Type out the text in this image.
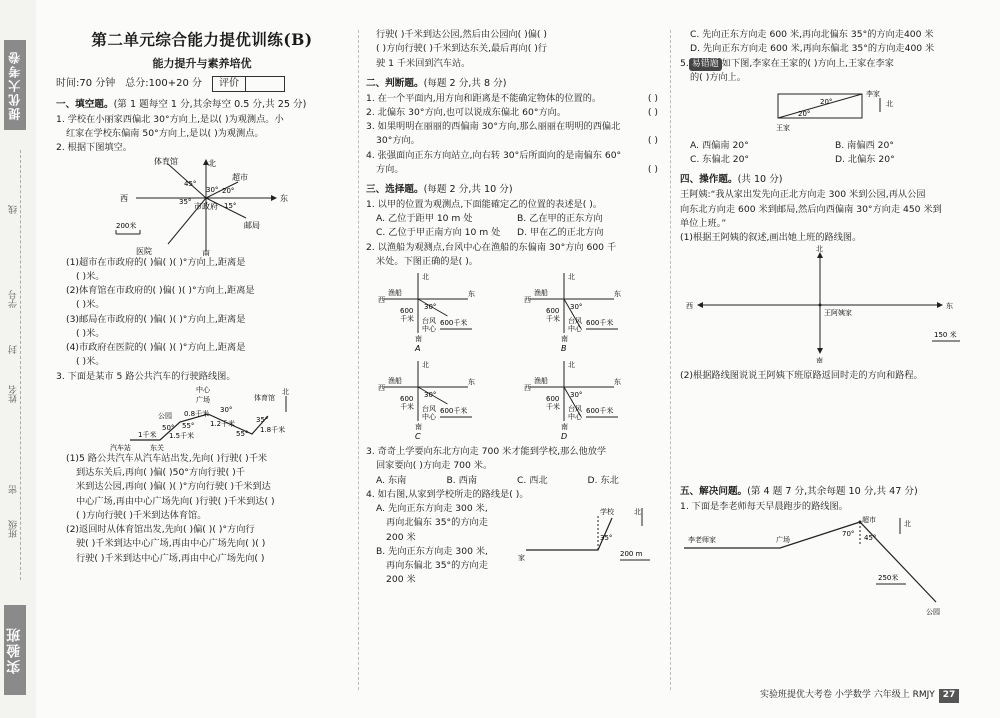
提优大考卷
学号
线
封
姓名
密
班级
实验班
第二单元综合能力提优训练(B)
能力提升与素养培优
时间:70 分钟 总分:100+20 分	评价
一、填空题。(第 1 题每空 1 分,其余每空 0.5 分,共 25 分)

1. 学校在小丽家西偏北 30°方向上,是以( )为观测点。小

红家在学校东偏南 50°方向上,是以( )为观测点。

2. 根据下图填空。

西	东
北
南
体育馆
超市
市政府
邮局
医院
45°
20°
35°
30°
15°
200米

(1)超市在市政府的( )偏( )( )°方向上,距离是

( )米。

(2)体育馆在市政府的( )偏( )( )°方向上,距离是

( )米。

(3)邮局在市政府的( )偏( )( )°方向上,距离是

( )米。

(4)市政府在医院的( )偏( )( )°方向上,距离是

( )米。

3. 下面是某市 5 路公共汽车的行驶路线图。

北
中心
广场	体育馆
公园
汽车站	东关
1千米 1.5千米
0.8千米
1.2千米
1.8千米
50°
30°
55°
55°
35°

(1)5 路公共汽车从汽车站出发,先向( )行驶( )千米

到达东关后,再向( )偏( )50°方向行驶( )千

米到达公园,再向( )偏( )( )°方向行驶( )千米到达

中心广场,再由中心广场先向( )行驶( )千米到达( )

( )方向行驶( )千米到达体育馆。

(2)返回时从体育馆出发,先向( )偏( )( )°方向行

驶( )千米到达中心广场,再由中心广场先向( )( )

行驶( )千米到达中心广场,再由中心广场先向( )

行驶( )千米到达公园,然后由公园向( )偏( )

( )方向行驶( )千米到达东关,最后再向( )行

驶 1 千米回到汽车站。

二、判断题。(每题 2 分,共 8 分)

1. 在一个平面内,用方向和距离是不能确定物体的位置的。	( )

2. 北偏东 30°方向,也可以说成东偏北 60°方向。	( )

3. 如果明明在丽丽的西偏南 30°方向,那么丽丽在明明的西偏北

30°方向。	( )

4. 张强面向正东方向站立,向右转 30°后所面向的是南偏东 60°

方向。	( )
三、选择题。(每题 2 分,共 10 分)

1. 以甲的位置为观测点,下面能確定乙的位置的表述是( )。

A. 乙位于距甲 10 m 处	B. 乙在甲的正东方向
C. 乙位于甲正南方向 10 m 处	D. 甲在乙的正北方向

2. 以渔船为观测点,台风中心在渔船的东偏南 30°方向 600 千

米处。下图正确的是( )。

北
东
西
南
渔船
30°
600
千米 台风
中心
600千米
A
北
东
西
南
渔船
30°
600
千米 台风
中心
600千米
B
北
东
西
南
渔船
30°
600
千米 台风
中心
600千米
C
北
东
西
南
渔船
30°
600
千米 台风
中心
600千米
D

3. 奇奇上学要向东北方向走 700 米才能到学校,那么他放学

回家要向( )方向走 700 米。

A. 东南	B. 西南	C. 西北	D. 东北

4. 如右图,从家到学校所走的路线是( )。

A. 先向正东方向走 300 米,

再向北偏东 35°的方向走

200 米

B. 先向正东方向走 300 米,

再向东偏北 35°的方向走

200 米

北
学校
家
35°
200 m

C. 先向正东方向走 600 米,再向北偏东 35°的方向走400 米

D. 先向正东方向走 600 米,再向东偏北 35°的方向走400 米

5. 易错题 如下图,李家在王家的( )方向上,王家在李家

的( )方向上。

王家
李家
20°
20°
北
A. 西偏南 20°	B. 南偏西 20°
C. 东偏北 20°	D. 北偏东 20°
四、操作题。(共 10 分)

王阿姨:“我从家出发先向正北方向走 300 米到公园,再从公园

向东北方向走 600 米到邮局,然后向西偏南 30°方向走 450 米到

单位上班。”

(1)根据王阿姨的叙述,画出她上班的路线图。

北
南
东
西
王阿姨家
150 米

(2)根据路线图说说王阿姨下班原路返回时走的方向和路程。

五、解决问题。(第 4 题 7 分,其余每题 10 分,共 47 分)

1. 下面是李老师每天早晨跑步的路线图。

北
李老师家	广场
超市
公园
70° 45°
250米
实验班提优大考卷 小学数学 六年级上 RMJY 27
